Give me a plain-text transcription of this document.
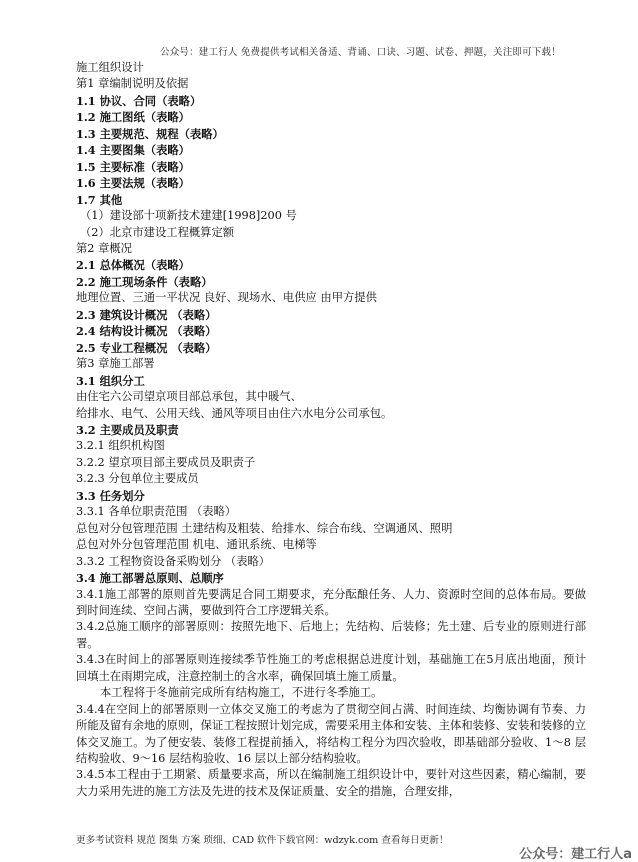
公众号：建工行人 免费提供考试相关备适、背诵、口诀、习题、试卷、押题，关注即可下载！
施工组织设计
第1 章编制说明及依据
1.1 协议、合同（表略）
1.2 施工图纸（表略）
1.3 主要规范、规程（表略）
1.4 主要图集（表略）
1.5 主要标准（表略）
1.6 主要法规（表略）
1.7 其他
（1）建设部十项新技术建建[1998]200 号
（2）北京市建设工程概算定额
第2 章概况
2.1 总体概况（表略）
2.2 施工现场条件（表略）
地理位置、三通一平状况 良好、现场水、电供应 由甲方提供
2.3 建筑设计概况 （表略）
2.4 结构设计概况 （表略）
2.5 专业工程概况 （表略）
第3 章施工部署
3.1 组织分工
由住宅六公司望京项目部总承包，其中暖气、
给排水、电气、公用天线、通风等项目由住六水电分公司承包。
3.2 主要成员及职责
3.2.1 组织机构图
3.2.2 望京项目部主要成员及职责子
3.2.3 分包单位主要成员
3.3 任务划分
3.3.1 各单位职责范围 （表略）
总包对分包管理范围 土建结构及粗装、给排水、综合布线、空调通风、照明
总包对外分包管理范围 机电、通讯系统、电梯等
3.3.2 工程物资设备采购划分 （表略）
3.4 施工部署总原则、总顺序
3.4.1施工部署的原则首先要满足合同工期要求，充分酝酿任务、人力、资源时空间的总体布局。要做到时间连续、空间占满，要做到符合工序逻辑关系。
3.4.2总施工顺序的部署原则：按照先地下、后地上；先结构、后装修；先土建、后专业的原则进行部署。
3.4.3在时间上的部署原则连接续季节性施工的考虑根据总进度计划，基础施工在5月底出地面，预计回填土在雨期完成，注意控制土的含水率，确保回填土施工质量。
本工程将于冬施前完成所有结构施工，不进行冬季施工。
3.4.4在空间上的部署原则一立体交叉施工的考虑为了贯彻空间占满、时间连续、均衡协调有节奏、力所能及留有余地的原则，保证工程按照计划完成，需要采用主体和安装、主体和装修、安装和装修的立体交叉施工。为了便安装、装修工程提前插入，将结构工程分为四次验收，即基础部分验收、1～8 层结构验收、9～16 层结构验收、16 层以上部分结构验收。
3.4.5本工程由于工期紧、质量要求高，所以在编制施工组织设计中，要针对这些因素，精心编制，要大力采用先进的施工方法及先进的技术及保证质量、安全的措施，合理安排，
更多考试资料 规范 图集 方案 琐细、CAD 软件下载官网：wdzyk.com 查看每日更新！
公众号：建工行人a
